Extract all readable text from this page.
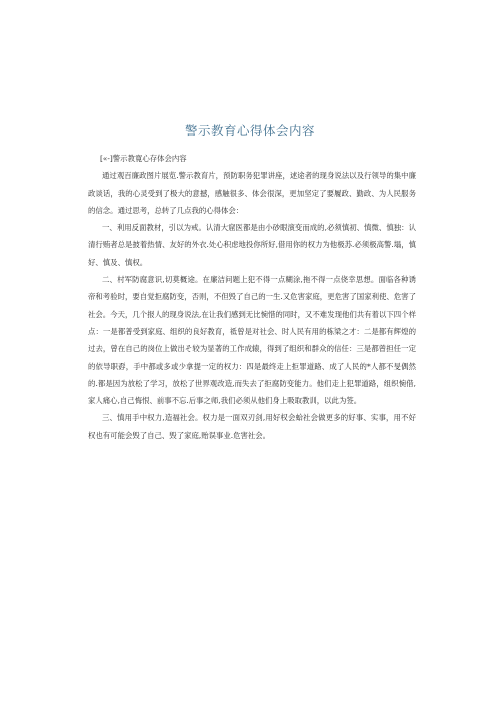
警示教育心得体会内容

[«-]警示教寛心存体会内容

通过观百廉政图片展览.警示教育片，预防职务犯罪讲座，逑途者的现身说法以及行领导的集中廉政谈话，我的心灵受到了极大的意撼，感触很多、体会很深，更加坚定了要履政、勤政、为人民服务的信念。通过思考，总转了几点我的心得体会：

一、利用反面教材，引以为戒。认清大窟医都是由小砂眼演变而成的,必须慎初、慎微、慎独：认清行贿者总是披着热情、友好的外衣.处心积虑地投你所好,借用你的权力为他极苏.必须极高警.塌，慎好、慎及、慎权。

二、村军防腐意识,切莫概途。在廉洁问题上犯不得一点糊涂,拖不得一点侥幸思想。面临各种诱帝和考验时，要自觉拒腐防变，否则，不但毁了自己的一生.又危害家庭，更危害了国家利使、危害了社会。今天，几个报人的现身说法,在让我们感到无比惋惜的同时，又不难发现他们共有着以下四个样点：一是都普受到家庭、组织的良好教育，祗曾是对社会、时人民有用的栋梁之才：二是都有辉煌的过去，曾在自己的岗位上做出そ较为显著的工作成辕，得到了组织和群众的信任：三是都曾担任一定的依导职孬，手中都或多或少拿提一定的权力：四是最终走上拒罪道路、成了人民的*人都不旻偶然的.都是因为放松了学习，放松了世界观改造,而失去了拒腐防变能力。他们走上犯罪道路，组织惋借,家人痛心,自己悔恨、前事不忘.后事之师,我们必须从他们身上吸取教训，以此为签。

三、慎用手中权力,造福社会。权力是一面双刃剑,用好权会蛤社会做更多的好事、实事，用不好权也有可能会毁了自己、毁了家庭,贻误事业.危害社会。
